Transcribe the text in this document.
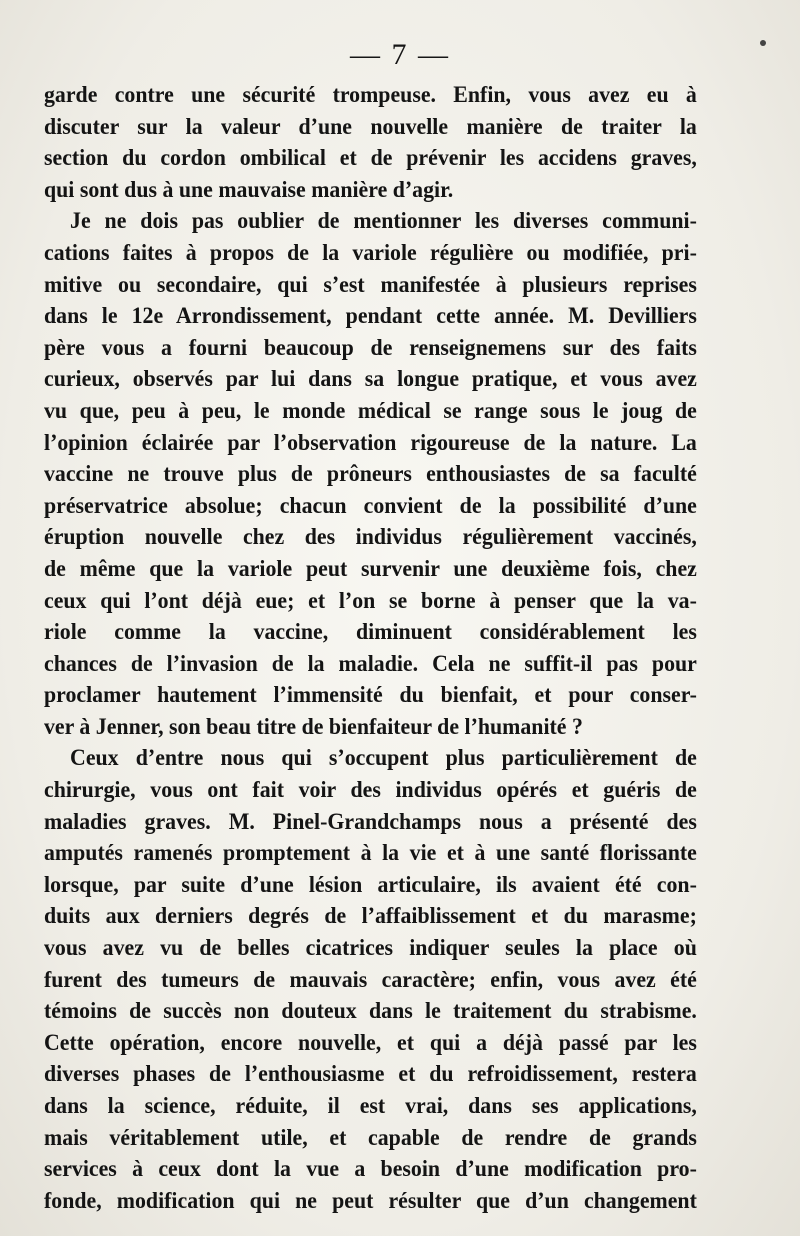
— 7 —
garde contre une sécurité trompeuse. Enfin, vous avez eu à
discuter sur la valeur d’une nouvelle manière de traiter la
section du cordon ombilical et de prévenir les accidens graves,
qui sont dus à une mauvaise manière d’agir.
Je ne dois pas oublier de mentionner les diverses communi-
cations faites à propos de la variole régulière ou modifiée, pri-
mitive ou secondaire, qui s’est manifestée à plusieurs reprises
dans le 12e Arrondissement, pendant cette année. M. Devilliers
père vous a fourni beaucoup de renseignemens sur des faits
curieux, observés par lui dans sa longue pratique, et vous avez
vu que, peu à peu, le monde médical se range sous le joug de
l’opinion éclairée par l’observation rigoureuse de la nature. La
vaccine ne trouve plus de prôneurs enthousiastes de sa faculté
préservatrice absolue; chacun convient de la possibilité d’une
éruption nouvelle chez des individus régulièrement vaccinés,
de même que la variole peut survenir une deuxième fois, chez
ceux qui l’ont déjà eue; et l’on se borne à penser que la va-
riole comme la vaccine, diminuent considérablement les
chances de l’invasion de la maladie. Cela ne suffit-il pas pour
proclamer hautement l’immensité du bienfait, et pour conser-
ver à Jenner, son beau titre de bienfaiteur de l’humanité ?
Ceux d’entre nous qui s’occupent plus particulièrement de
chirurgie, vous ont fait voir des individus opérés et guéris de
maladies graves. M. Pinel-Grandchamps nous a présenté des
amputés ramenés promptement à la vie et à une santé florissante
lorsque, par suite d’une lésion articulaire, ils avaient été con-
duits aux derniers degrés de l’affaiblissement et du marasme;
vous avez vu de belles cicatrices indiquer seules la place où
furent des tumeurs de mauvais caractère; enfin, vous avez été
témoins de succès non douteux dans le traitement du strabisme.
Cette opération, encore nouvelle, et qui a déjà passé par les
diverses phases de l’enthousiasme et du refroidissement, restera
dans la science, réduite, il est vrai, dans ses applications,
mais véritablement utile, et capable de rendre de grands
services à ceux dont la vue a besoin d’une modification pro-
fonde, modification qui ne peut résulter que d’un changement
